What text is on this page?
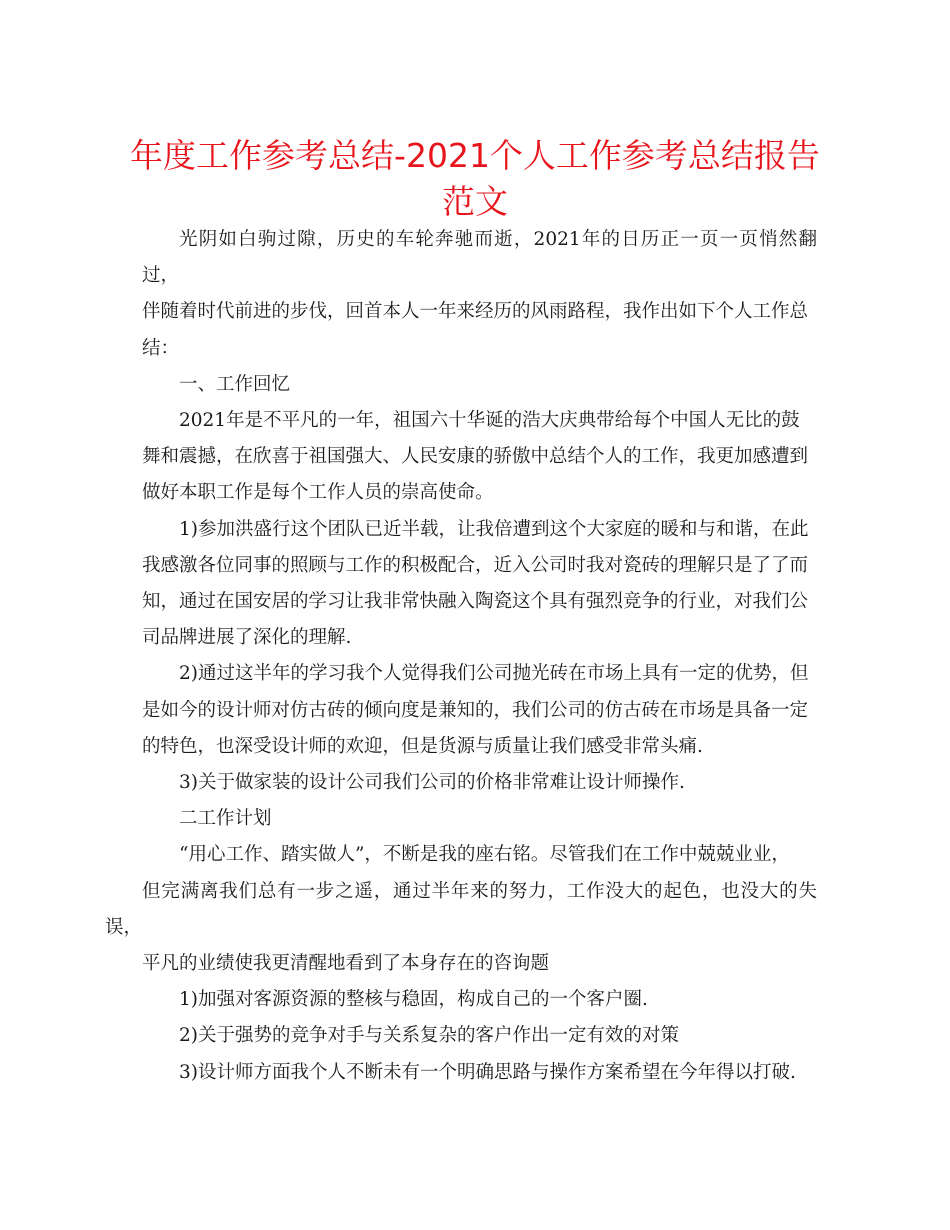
年度工作参考总结-2021个人工作参考总结报告
范文

光阴如白驹过隙，历史的车轮奔驰而逝，2021年的日历正一页一页悄然翻过，
伴随着时代前进的步伐，回首本人一年来经历的风雨路程，我作出如下个人工作总
结：

一、工作回忆

2021年是不平凡的一年，祖国六十华诞的浩大庆典带给每个中国人无比的鼓
舞和震撼，在欣喜于祖国强大、人民安康的骄傲中总结个人的工作，我更加感遭到
做好本职工作是每个工作人员的崇高使命。

1)参加洪盛行这个团队已近半载，让我倍遭到这个大家庭的暖和与和谐，在此
我感激各位同事的照顾与工作的积极配合，近入公司时我对瓷砖的理解只是了了而
知，通过在国安居的学习让我非常快融入陶瓷这个具有强烈竞争的行业，对我们公
司品牌进展了深化的理解.

2)通过这半年的学习我个人觉得我们公司抛光砖在市场上具有一定的优势，但
是如今的设计师对仿古砖的倾向度是兼知的，我们公司的仿古砖在市场是具备一定
的特色，也深受设计师的欢迎，但是货源与质量让我们感受非常头痛.

3)关于做家装的设计公司我们公司的价格非常难让设计师操作.

二工作计划

“用心工作、踏实做人”，不断是我的座右铭。尽管我们在工作中兢兢业业，
但完满离我们总有一步之遥，通过半年来的努力，工作没大的起色，也没大的失误，
平凡的业绩使我更清醒地看到了本身存在的咨询题

1)加强对客源资源的整核与稳固，构成自己的一个客户圈.

2)关于强势的竞争对手与关系复杂的客户作出一定有效的对策

3)设计师方面我个人不断未有一个明确思路与操作方案希望在今年得以打破.
